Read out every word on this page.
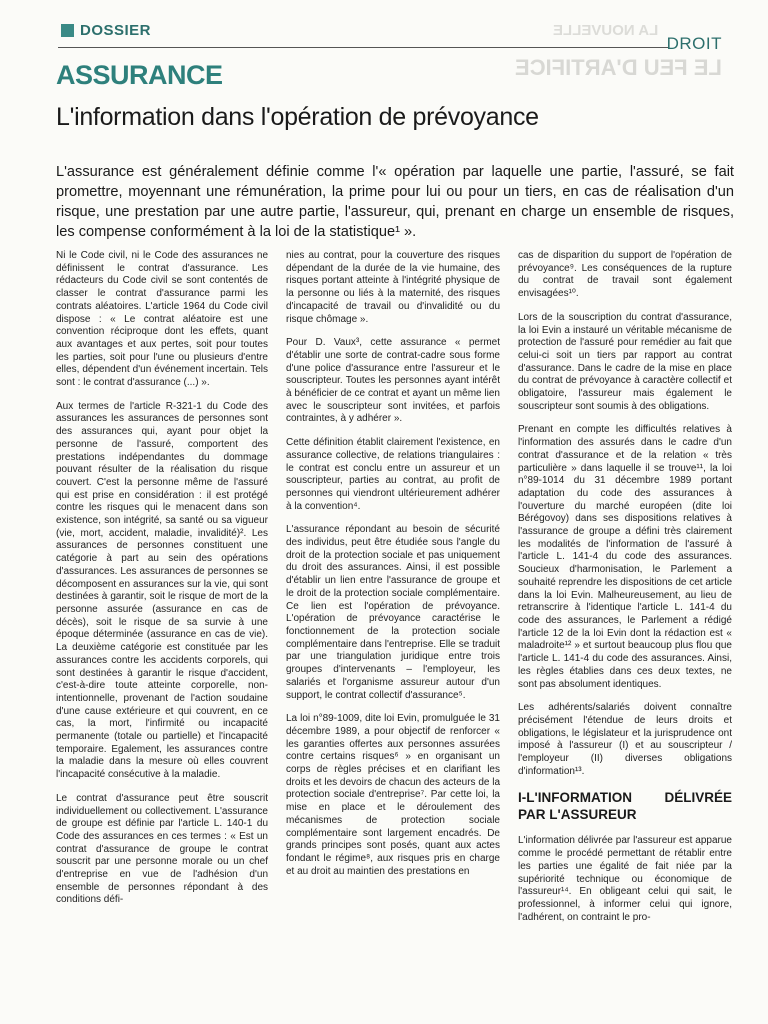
DOSSIER
DROIT
LA NOUVELLE
LE FEU D'ARTIFICE
ASSURANCE
L'information dans l'opération de prévoyance
L'assurance est généralement définie comme l'« opération par laquelle une partie, l'assuré, se fait promettre, moyennant une rémunération, la prime pour lui ou pour un tiers, en cas de réalisation d'un risque, une prestation par une autre partie, l'assureur, qui, prenant en charge un ensemble de risques, les compense conformément à la loi de la statistique¹ ».

Ni le Code civil, ni le Code des assurances ne définissent le contrat d'assurance. Les rédacteurs du Code civil se sont contentés de classer le contrat d'assurance parmi les contrats aléatoires. L'article 1964 du Code civil dispose : « Le contrat aléatoire est une convention réciproque dont les effets, quant aux avantages et aux pertes, soit pour toutes les parties, soit pour l'une ou plusieurs d'entre elles, dépendent d'un événement incertain. Tels sont : le contrat d'assurance (...) ».

Aux termes de l'article R-321-1 du Code des assurances les assurances de personnes sont des assurances qui, ayant pour objet la personne de l'assuré, comportent des prestations indépendantes du dommage pouvant résulter de la réalisation du risque couvert. C'est la personne même de l'assuré qui est prise en considération : il est protégé contre les risques qui le menacent dans son existence, son intégrité, sa santé ou sa vigueur (vie, mort, accident, maladie, invalidité)². Les assurances de personnes constituent une catégorie à part au sein des opérations d'assurances. Les assurances de personnes se décomposent en assurances sur la vie, qui sont destinées à garantir, soit le risque de mort de la personne assurée (assurance en cas de décès), soit le risque de sa survie à une époque déterminée (assurance en cas de vie). La deuxième catégorie est constituée par les assurances contre les accidents corporels, qui sont destinées à garantir le risque d'accident, c'est-à-dire toute atteinte corporelle, non-intentionnelle, provenant de l'action soudaine d'une cause extérieure et qui couvrent, en ce cas, la mort, l'infirmité ou incapacité permanente (totale ou partielle) et l'incapacité temporaire. Egalement, les assurances contre la maladie dans la mesure où elles couvrent l'incapacité consécutive à la maladie.

Le contrat d'assurance peut être souscrit individuellement ou collectivement. L'assurance de groupe est définie par l'article L. 140-1 du Code des assurances en ces termes : « Est un contrat d'assurance de groupe le contrat souscrit par une personne morale ou un chef d'entreprise en vue de l'adhésion d'un ensemble de personnes répondant à des conditions défi-

nies au contrat, pour la couverture des risques dépendant de la durée de la vie humaine, des risques portant atteinte à l'intégrité physique de la personne ou liés à la maternité, des risques d'incapacité de travail ou d'invalidité ou du risque chômage ».

Pour D. Vaux³, cette assurance « permet d'établir une sorte de contrat-cadre sous forme d'une police d'assurance entre l'assureur et le souscripteur. Toutes les personnes ayant intérêt à bénéficier de ce contrat et ayant un même lien avec le souscripteur sont invitées, et parfois contraintes, à y adhérer ».

Cette définition établit clairement l'existence, en assurance collective, de relations triangulaires : le contrat est conclu entre un assureur et un souscripteur, parties au contrat, au profit de personnes qui viendront ultérieurement adhérer à la convention⁴.

L'assurance répondant au besoin de sécurité des individus, peut être étudiée sous l'angle du droit de la protection sociale et pas uniquement du droit des assurances. Ainsi, il est possible d'établir un lien entre l'assurance de groupe et le droit de la protection sociale complémentaire. Ce lien est l'opération de prévoyance. L'opération de prévoyance caractérise le fonctionnement de la protection sociale complémentaire dans l'entreprise. Elle se traduit par une triangulation juridique entre trois groupes d'intervenants – l'employeur, les salariés et l'organisme assureur autour d'un support, le contrat collectif d'assurance⁵.

La loi n°89-1009, dite loi Evin, promulguée le 31 décembre 1989, a pour objectif de renforcer « les garanties offertes aux personnes assurées contre certains risques⁶ » en organisant un corps de règles précises et en clarifiant les droits et les devoirs de chacun des acteurs de la protection sociale d'entreprise⁷. Par cette loi, la mise en place et le déroulement des mécanismes de protection sociale complémentaire sont largement encadrés. De grands principes sont posés, quant aux actes fondant le régime⁸, aux risques pris en charge et au droit au maintien des prestations en

cas de disparition du support de l'opération de prévoyance⁹. Les conséquences de la rupture du contrat de travail sont également envisagées¹⁰.

Lors de la souscription du contrat d'assurance, la loi Evin a instauré un véritable mécanisme de protection de l'assuré pour remédier au fait que celui-ci soit un tiers par rapport au contrat d'assurance. Dans le cadre de la mise en place du contrat de prévoyance à caractère collectif et obligatoire, l'assureur mais également le souscripteur sont soumis à des obligations.

Prenant en compte les difficultés relatives à l'information des assurés dans le cadre d'un contrat d'assurance et de la relation « très particulière » dans laquelle il se trouve¹¹, la loi n°89-1014 du 31 décembre 1989 portant adaptation du code des assurances à l'ouverture du marché européen (dite loi Bérégovoy) dans ses dispositions relatives à l'assurance de groupe a défini très clairement les modalités de l'information de l'assuré à l'article L. 141-4 du code des assurances. Soucieux d'harmonisation, le Parlement a souhaité reprendre les dispositions de cet article dans la loi Evin. Malheureusement, au lieu de retranscrire à l'identique l'article L. 141-4 du code des assurances, le Parlement a rédigé l'article 12 de la loi Evin dont la rédaction est « maladroite¹² » et surtout beaucoup plus flou que l'article L. 141-4 du code des assurances. Ainsi, les règles établies dans ces deux textes, ne sont pas absolument identiques.

Les adhérents/salariés doivent connaître précisément l'étendue de leurs droits et obligations, le législateur et la jurisprudence ont imposé à l'assureur (I) et au souscripteur / l'employeur (II) diverses obligations d'information¹³.

I-L'INFORMATION DÉLIVRÉE PAR L'ASSUREUR

L'information délivrée par l'assureur est apparue comme le procédé permettant de rétablir entre les parties une égalité de fait niée par la supériorité technique ou économique de l'assureur¹⁴. En obligeant celui qui sait, le professionnel, à informer celui qui ignore, l'adhérent, on contraint le pro-
